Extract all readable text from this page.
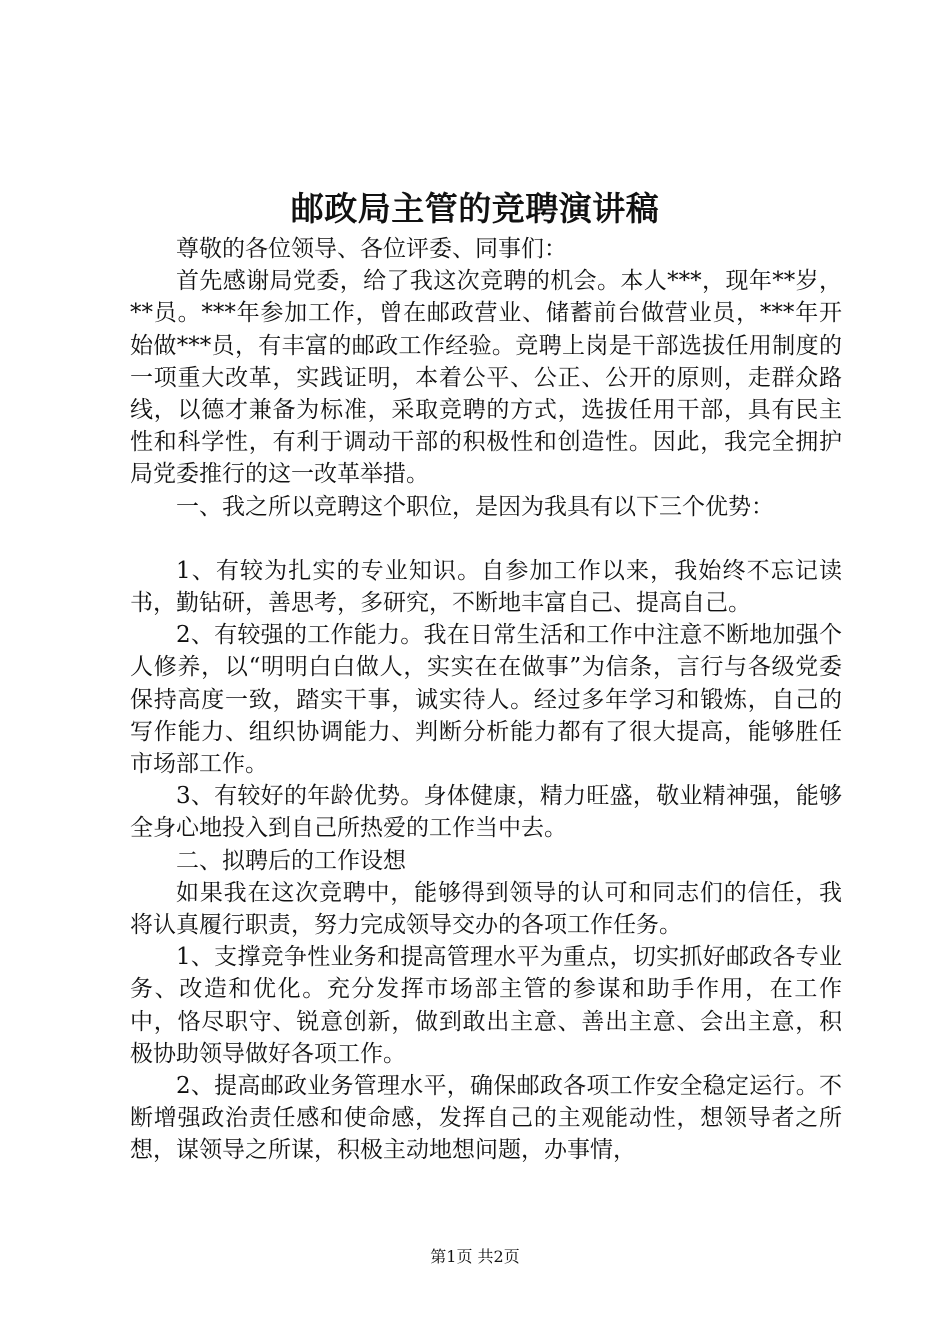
邮政局主管的竞聘演讲稿

尊敬的各位领导、各位评委、同事们：

首先感谢局党委，给了我这次竞聘的机会。本人***，现年**岁，**员。***年参加工作，曾在邮政营业、储蓄前台做营业员，***年开始做***员，有丰富的邮政工作经验。竞聘上岗是干部选拔任用制度的一项重大改革，实践证明，本着公平、公正、公开的原则，走群众路线，以德才兼备为标准，采取竞聘的方式，选拔任用干部，具有民主性和科学性，有利于调动干部的积极性和创造性。因此，我完全拥护局党委推行的这一改革举措。

一、我之所以竞聘这个职位，是因为我具有以下三个优势：

1、有较为扎实的专业知识。自参加工作以来，我始终不忘记读书，勤钻研，善思考，多研究，不断地丰富自己、提高自己。

2、有较强的工作能力。我在日常生活和工作中注意不断地加强个人修养，以“明明白白做人，实实在在做事”为信条，言行与各级党委保持高度一致，踏实干事，诚实待人。经过多年学习和锻炼，自己的写作能力、组织协调能力、判断分析能力都有了很大提高，能够胜任市场部工作。

3、有较好的年龄优势。身体健康，精力旺盛，敬业精神强，能够全身心地投入到自己所热爱的工作当中去。

二、拟聘后的工作设想

如果我在这次竞聘中，能够得到领导的认可和同志们的信任，我将认真履行职责，努力完成领导交办的各项工作任务。

1、支撑竞争性业务和提高管理水平为重点，切实抓好邮政各专业务、改造和优化。充分发挥市场部主管的参谋和助手作用，在工作中，恪尽职守、锐意创新，做到敢出主意、善出主意、会出主意，积极协助领导做好各项工作。

2、提高邮政业务管理水平，确保邮政各项工作安全稳定运行。不断增强政治责任感和使命感，发挥自己的主观能动性，想领导者之所想，谋领导之所谋，积极主动地想问题，办事情，

第1页 共2页
